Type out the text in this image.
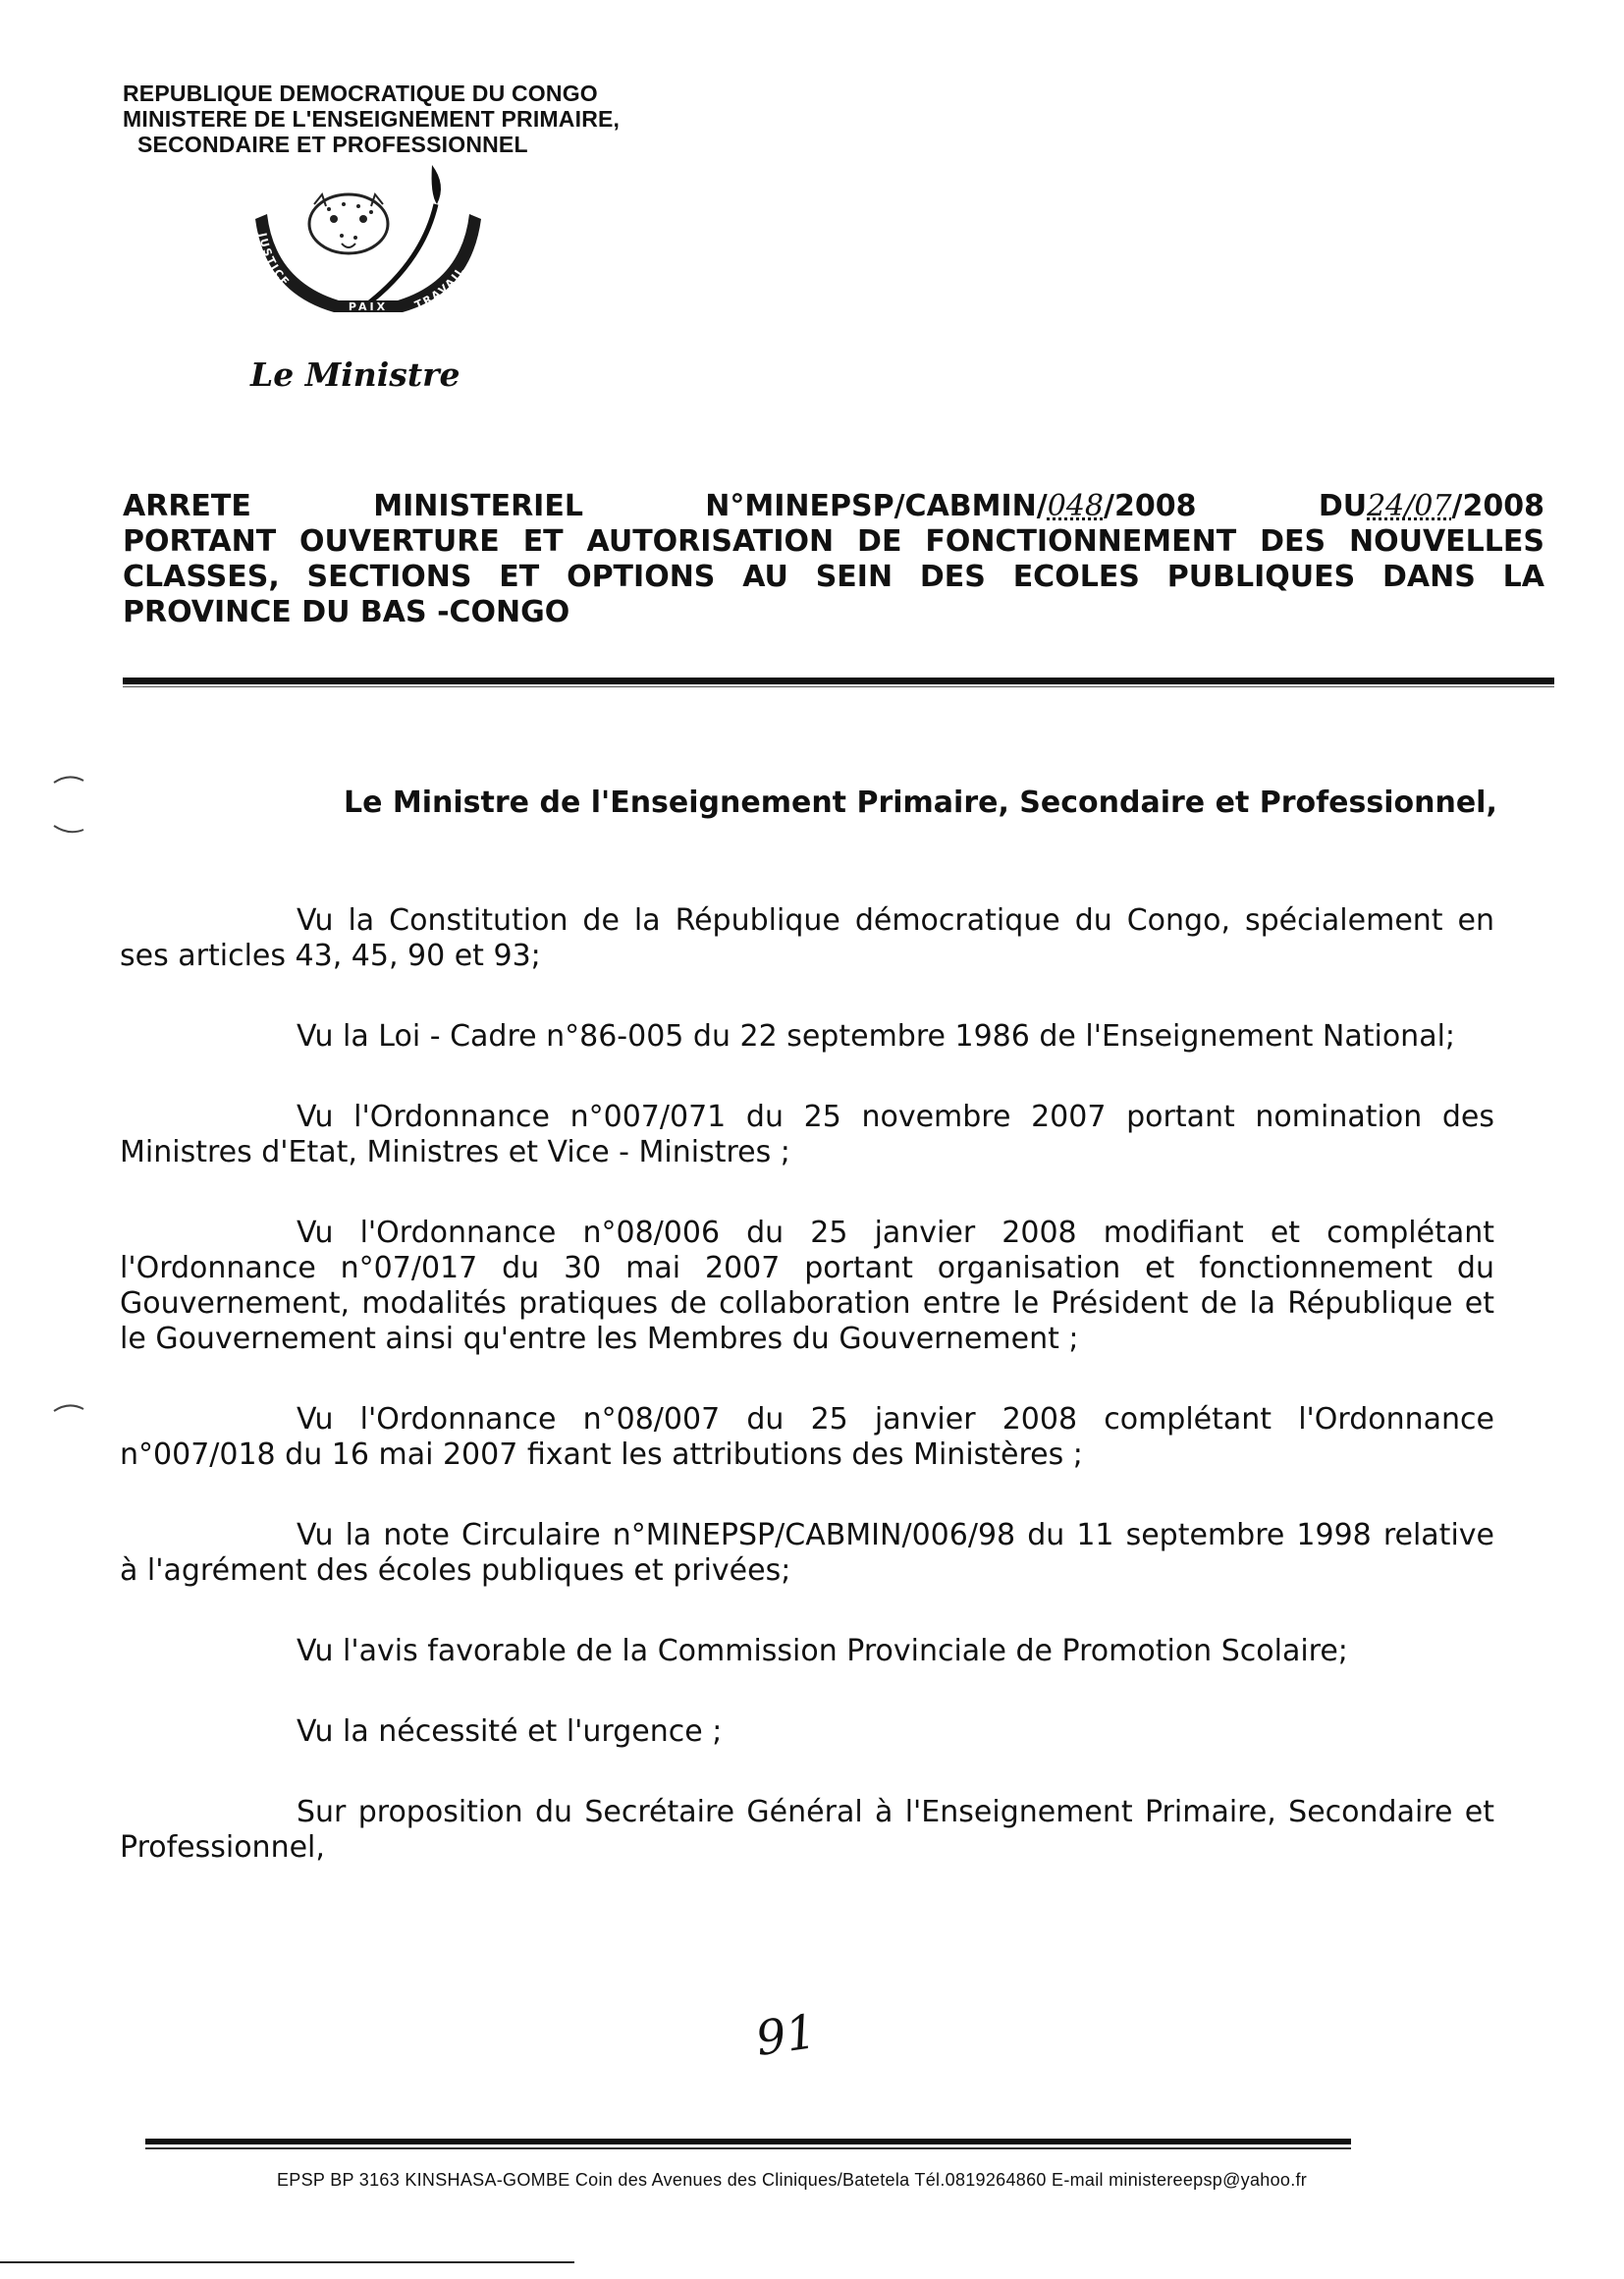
REPUBLIQUE DEMOCRATIQUE DU CONGO
MINISTERE DE L'ENSEIGNEMENT PRIMAIRE,
SECONDAIRE ET PROFESSIONNEL
JUSTICE
TRAVAIL
PAIX
Le Ministre
ARRETE	MINISTERIEL	N°MINEPSP/CABMIN/048/2008	DU24/07/2008
PORTANT OUVERTURE ET AUTORISATION DE FONCTIONNEMENT DES NOUVELLES CLASSES, SECTIONS ET OPTIONS AU SEIN DES ECOLES PUBLIQUES DANS LA PROVINCE DU BAS -CONGO
Le Ministre de l'Enseignement Primaire, Secondaire et Professionnel,

Vu la Constitution de la République démocratique du Congo, spécialement en ses articles 43, 45, 90 et 93;

Vu la Loi - Cadre n°86-005 du 22 septembre 1986 de l'Enseignement National;

Vu l'Ordonnance n°007/071 du 25 novembre 2007 portant nomination des Ministres d'Etat, Ministres et Vice - Ministres ;

Vu l'Ordonnance n°08/006 du 25 janvier 2008 modifiant et complétant l'Ordonnance n°07/017 du 30 mai 2007 portant organisation et fonctionnement du Gouvernement, modalités pratiques de collaboration entre le Président de la République et le Gouvernement ainsi qu'entre les Membres du Gouvernement ;

Vu l'Ordonnance n°08/007 du 25 janvier 2008 complétant l'Ordonnance n°007/018 du 16 mai 2007 fixant les attributions des Ministères ;

Vu la note Circulaire n°MINEPSP/CABMIN/006/98 du 11 septembre 1998 relative à l'agrément des écoles publiques et privées;

Vu l'avis favorable de la Commission Provinciale de Promotion Scolaire;

Vu la nécessité et l'urgence ;

Sur proposition du Secrétaire Général à l'Enseignement Primaire, Secondaire et Professionnel,

91
EPSP BP 3163 KINSHASA-GOMBE Coin des Avenues des Cliniques/Batetela Tél.0819264860 E-mail ministereepsp@yahoo.fr
